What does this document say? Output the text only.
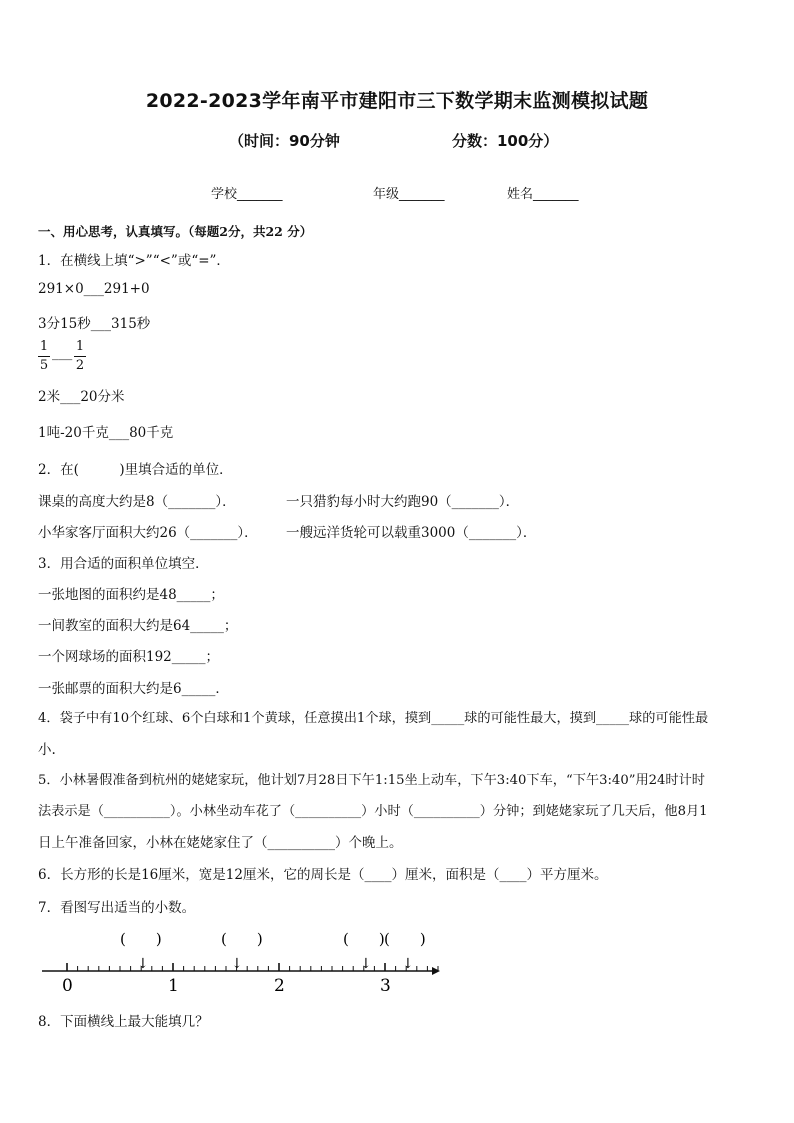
2022-2023学年南平市建阳市三下数学期末监测模拟试题
（时间：90分钟	分数：100分）
学校_______	年级_______	姓名_______
一、用心思考，认真填写。（每题2分，共22 分）
1．在横线上填“>”“<”或“=”．
291×0___291+0
3分15秒___315秒
1
5
___ 1
2
2米___20分米
1吨-20千克___80千克
2．在(　　　)里填合适的单位．
课桌的高度大约是8（_______）．	一只猎豹每小时大约跑90（_______）．
小华家客厅面积大约26（_______）． 一艘远洋货轮可以载重3000（_______）．
3．用合适的面积单位填空．
一张地图的面积约是48_____；
一间教室的面积大约是64_____；
一个网球场的面积192_____；
一张邮票的面积大约是6_____．
4．袋子中有10个红球、6个白球和1个黄球，任意摸出1个球，摸到_____球的可能性最大，摸到_____球的可能性最
小.
5．小林暑假准备到杭州的姥姥家玩，他计划7月28日下午1:15坐上动车，下午3:40下车，“下午3:40”用24时计时
法表示是（__________）。小林坐动车花了（__________）小时（__________）分钟；到姥姥家玩了几天后，他8月1
日上午准备回家，小林在姥姥家住了（__________）个晚上。
6．长方形的长是16厘米，宽是12厘米，它的周长是（____）厘米，面积是（____）平方厘米。
7．看图写出适当的小数。
(　　)	(　　)	(　　) (　　)
↓	↓	↓ ↓
0	1	2	3
8．下面横线上最大能填几？
